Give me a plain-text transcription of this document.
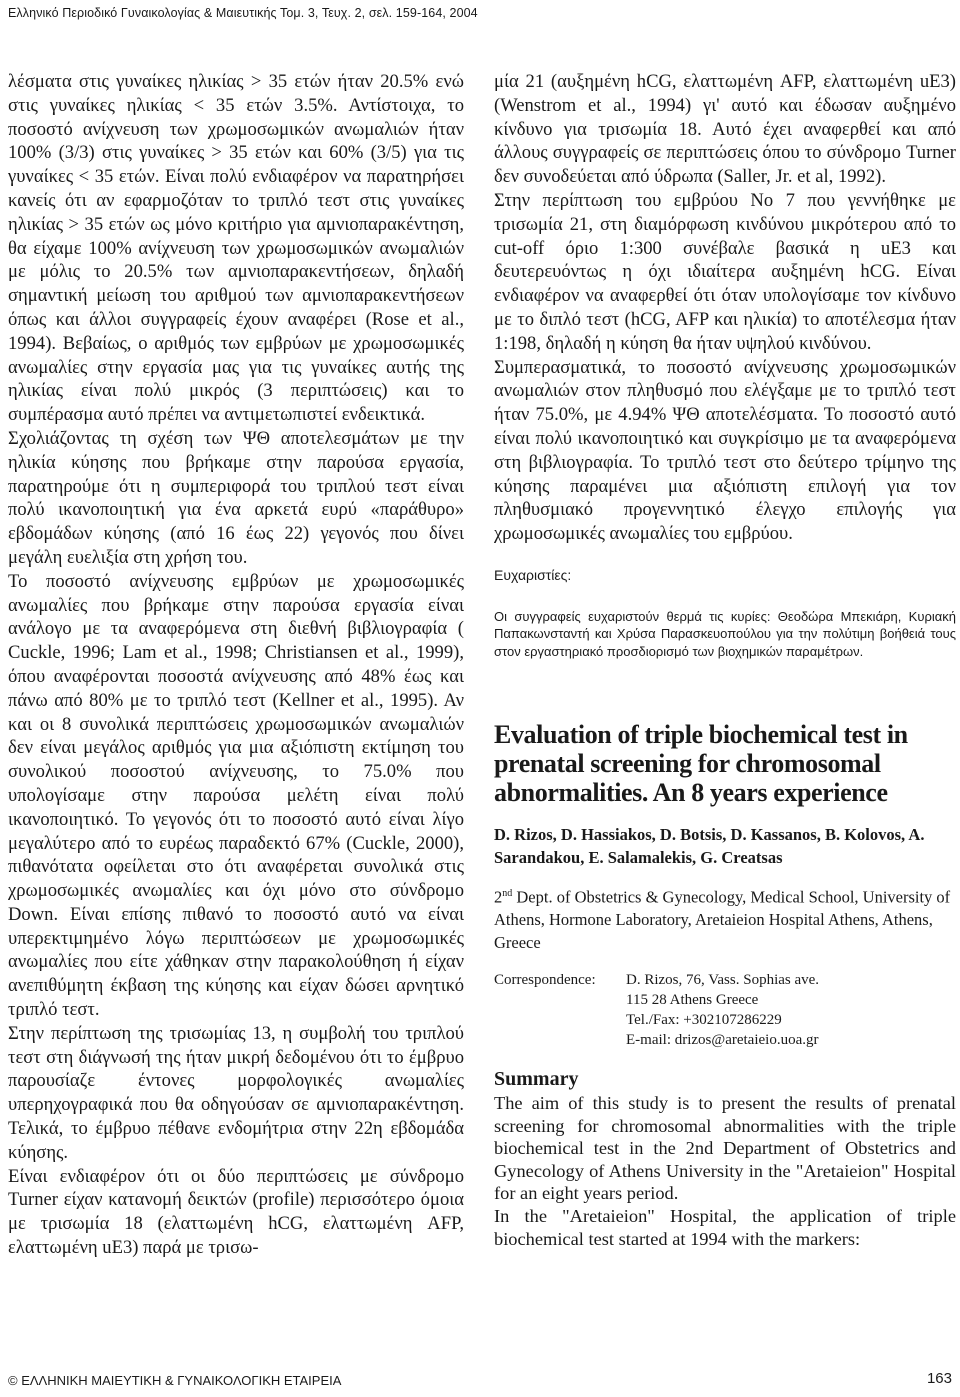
Ελληνικό Περιοδικό Γυναικολογίας & Μαιευτικής Τομ. 3, Τευχ. 2, σελ. 159-164, 2004

λέσματα στις γυναίκες ηλικίας > 35 ετών ήταν 20.5% ενώ στις γυναίκες ηλικίας < 35 ετών 3.5%. Αντίστοιχα, το ποσοστό ανίχνευση των χρωμοσωμικών ανωμαλιών ήταν 100% (3/3) στις γυναίκες > 35 ετών και 60% (3/5) για τις γυναίκες < 35 ετών. Είναι πολύ ενδιαφέρον να παρατηρήσει κανείς ότι αν εφαρμοζόταν το τριπλό τεστ στις γυναίκες ηλικίας > 35 ετών ως μόνο κριτήριο για αμνιοπαρακέντηση, θα είχαμε 100% ανίχνευση των χρωμοσωμικών ανωμαλιών με μόλις το 20.5% των αμνιοπαρακεντήσεων, δηλαδή σημαντική μείωση του αριθμού των αμνιοπαρακεντήσεων όπως και άλλοι συγγραφείς έχουν αναφέρει (Rose et al., 1994). Βεβαίως, ο αριθμός των εμβρύων με χρωμοσωμικές ανωμαλίες στην εργασία μας για τις γυναίκες αυτής της ηλικίας είναι πολύ μικρός (3 περιπτώσεις) και το συμπέρασμα αυτό πρέπει να αντιμετωπιστεί ενδεικτικά.

Σχολιάζοντας τη σχέση των ΨΘ αποτελεσμάτων με την ηλικία κύησης που βρήκαμε στην παρούσα εργασία, παρατηρούμε ότι η συμπεριφορά του τριπλού τεστ είναι πολύ ικανοποιητική για ένα αρκετά ευρύ «παράθυρο» εβδομάδων κύησης (από 16 έως 22) γεγονός που δίνει μεγάλη ευελιξία στη χρήση του.

Το ποσοστό ανίχνευσης εμβρύων με χρωμοσωμικές ανωμαλίες που βρήκαμε στην παρούσα εργασία είναι ανάλογο με τα αναφερόμενα στη διεθνή βιβλιογραφία ( Cuckle, 1996; Lam et al., 1998; Christiansen et al., 1999), όπου αναφέρονται ποσοστά ανίχνευσης από 48% έως και πάνω από 80% με το τριπλό τεστ (Kellner et al., 1995). Αν και οι 8 συνολικά περιπτώσεις χρωμοσωμικών ανωμαλιών δεν είναι μεγάλος αριθμός για μια αξιόπιστη εκτίμηση του συνολικού ποσοστού ανίχνευσης, το 75.0% που υπολογίσαμε στην παρούσα μελέτη είναι πολύ ικανοποιητικό. Το γεγονός ότι το ποσοστό αυτό είναι λίγο μεγαλύτερο από το ευρέως παραδεκτό 67% (Cuckle, 2000), πιθανότατα οφείλεται στο ότι αναφέρεται συνολικά στις χρωμοσωμικές ανωμαλίες και όχι μόνο στο σύνδρομο Down. Είναι επίσης πιθανό το ποσοστό αυτό να είναι υπερεκτιμημένο λόγω περιπτώσεων με χρωμοσωμικές ανωμαλίες που είτε χάθηκαν στην παρακολούθηση ή είχαν ανεπιθύμητη έκβαση της κύησης και είχαν δώσει αρνητικό τριπλό τεστ.

Στην περίπτωση της τρισωμίας 13, η συμβολή του τριπλού τεστ στη διάγνωσή της ήταν μικρή δεδομένου ότι το έμβρυο παρουσίαζε έντονες μορφολογικές ανωμαλίες υπερηχογραφικά που θα οδηγούσαν σε αμνιοπαρακέντηση. Τελικά, το έμβρυο πέθανε ενδομήτρια στην 22η εβδομάδα κύησης.

Είναι ενδιαφέρον ότι οι δύο περιπτώσεις με σύνδρομο Turner είχαν κατανομή δεικτών (profile) περισσότερο όμοια με τρισωμία 18 (ελαττωμένη hCG, ελαττωμένη AFP, ελαττωμένη uE3) παρά με τρισω-

μία 21 (αυξημένη hCG, ελαττωμένη AFP, ελαττωμένη uE3) (Wenstrom et al., 1994) γι' αυτό και έδωσαν αυξημένο κίνδυνο για τρισωμία 18. Αυτό έχει αναφερθεί και από άλλους συγγραφείς σε περιπτώσεις όπου το σύνδρομο Turner δεν συνοδεύεται από ύδρωπα (Saller, Jr. et al, 1992).

Στην περίπτωση του εμβρύου Νο 7 που γεννήθηκε με τρισωμία 21, στη διαμόρφωση κινδύνου μικρότερου από το cut-off όριο 1:300 συνέβαλε βασικά η uE3 και δευτερευόντως η όχι ιδιαίτερα αυξημένη hCG. Είναι ενδιαφέρον να αναφερθεί ότι όταν υπολογίσαμε τον κίνδυνο με το διπλό τεστ (hCG, AFP και ηλικία) το αποτέλεσμα ήταν 1:198, δηλαδή η κύηση θα ήταν υψηλού κινδύνου.

Συμπερασματικά, το ποσοστό ανίχνευσης χρωμοσωμικών ανωμαλιών στον πληθυσμό που ελέγξαμε με το τριπλό τεστ ήταν 75.0%, με 4.94% ΨΘ αποτελέσματα. Το ποσοστό αυτό είναι πολύ ικανοποιητικό και συγκρίσιμο με τα αναφερόμενα στη βιβλιογραφία. Το τριπλό τεστ στο δεύτερο τρίμηνο της κύησης παραμένει μια αξιόπιστη επιλογή για τον πληθυσμιακό προγεννητικό έλεγχο επιλογής για χρωμοσωμικές ανωμαλίες του εμβρύου.

Ευχαριστίες:

Οι συγγραφείς ευχαριστούν θερμά τις κυρίες: Θεοδώρα Μπεκιάρη, Κυριακή Παπακωνσταντή και Χρύσα Παρασκευοπούλου για την πολύτιμη βοήθειά τους στον εργαστηριακό προσδιορισμό των βιοχημικών παραμέτρων.

Evaluation of triple biochemical test in prenatal screening for chromosomal abnormalities. An 8 years experience

D. Rizos, D. Hassiakos, D. Botsis, D. Kassanos, B. Kolovos, A. Sarandakou, E. Salamalekis, G. Creatsas

2nd Dept. of Obstetrics & Gynecology, Medical School, University of Athens, Hormone Laboratory, Aretaieion Hospital Athens, Athens, Greece

Correspondence:	D. Rizos, 76, Vass. Sophias ave.
115 28 Athens Greece
Tel./Fax: +302107286229
E-mail: drizos@aretaieio.uoa.gr

Summary

The aim of this study is to present the results of prenatal screening for chromosomal abnormalities with the triple biochemical test in the 2nd Department of Obstetrics and Gynecology of Athens University in the "Aretaieion" Hospital for an eight years period.

In the "Aretaieion" Hospital, the application of triple biochemical test started at 1994 with the markers:

© ΕΛΛΗΝΙΚΗ ΜΑΙΕΥΤΙΚΗ & ΓΥΝΑΙΚΟΛΟΓΙΚΗ ΕΤΑΙΡΕΙΑ	163
